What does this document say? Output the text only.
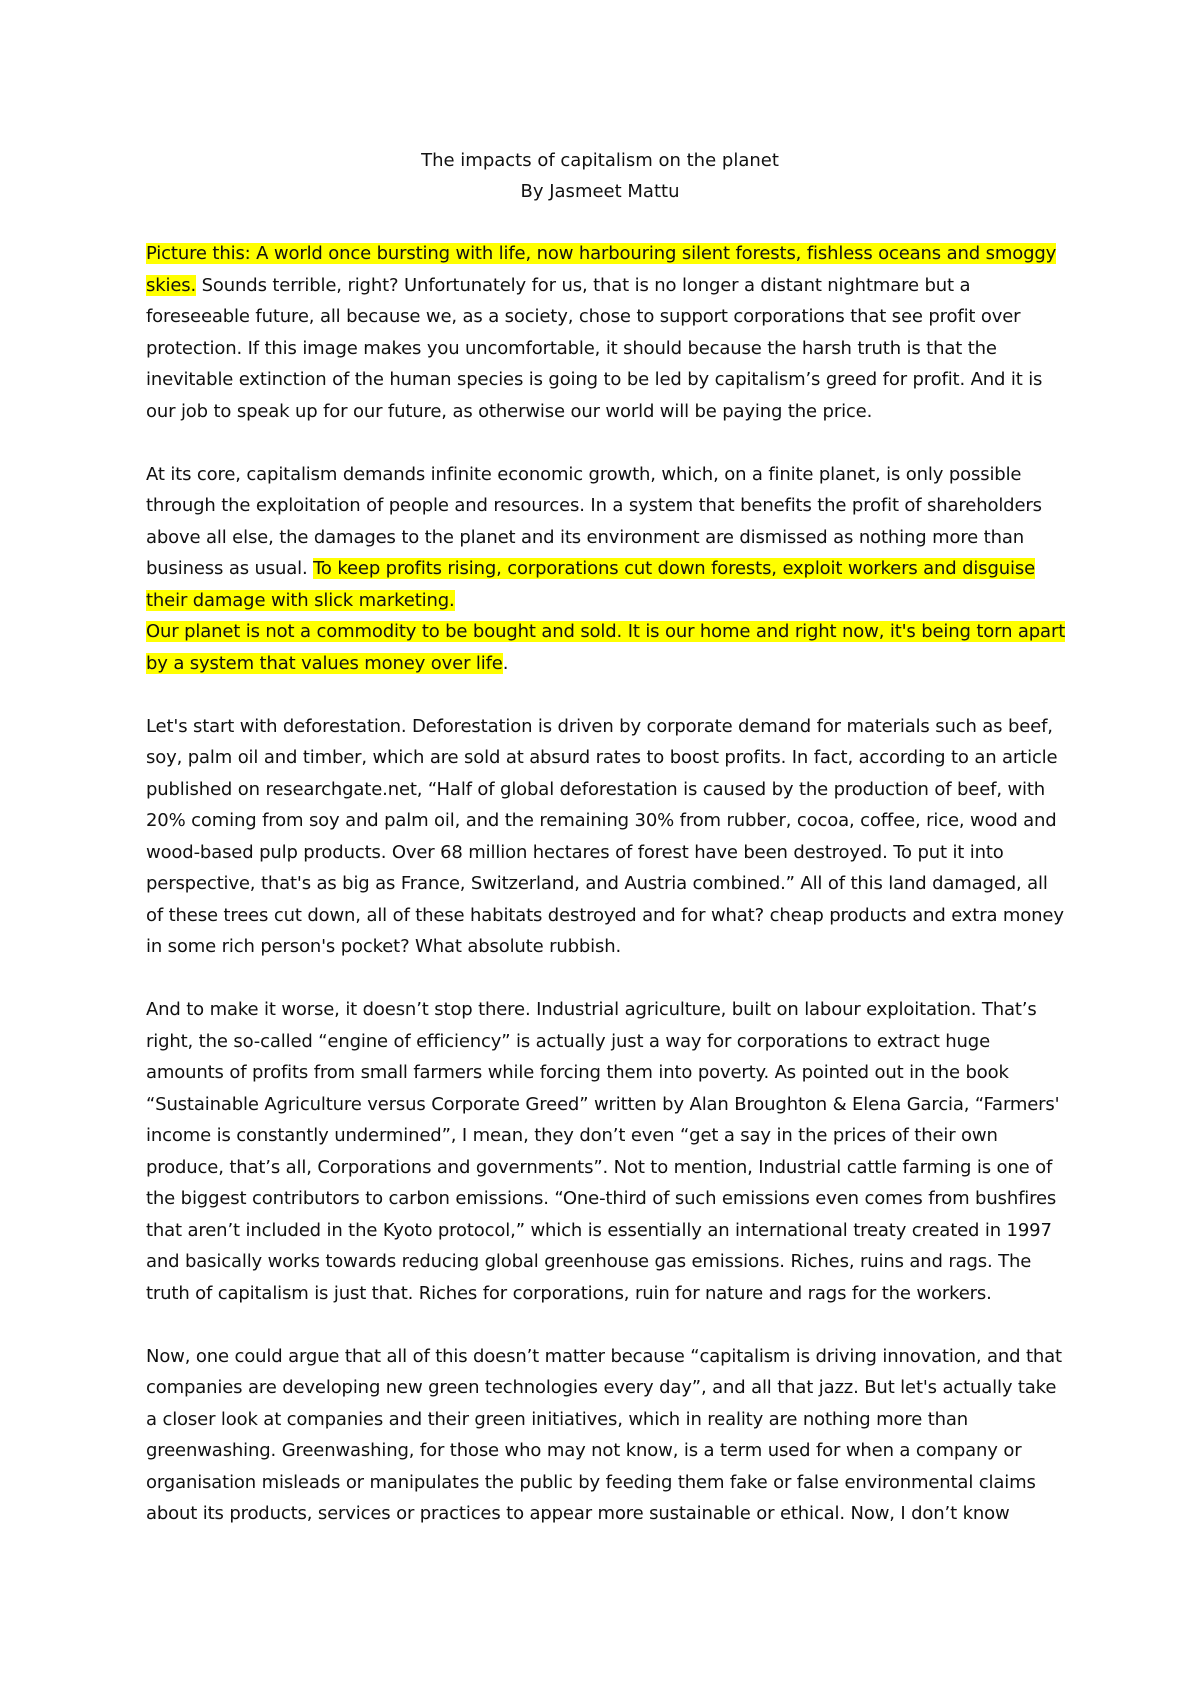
The impacts of capitalism on the planet
By Jasmeet Mattu

Picture this: A world once bursting with life, now harbouring silent forests, fishless oceans and smoggy skies. Sounds terrible, right? Unfortunately for us, that is no longer a distant nightmare but a foreseeable future, all because we, as a society, chose to support corporations that see profit over protection. If this image makes you uncomfortable, it should because the harsh truth is that the inevitable extinction of the human species is going to be led by capitalism’s greed for profit. And it is our job to speak up for our future, as otherwise our world will be paying the price.

At its core, capitalism demands infinite economic growth, which, on a finite planet, is only possible through the exploitation of people and resources. In a system that benefits the profit of shareholders above all else, the damages to the planet and its environment are dismissed as nothing more than business as usual. To keep profits rising, corporations cut down forests, exploit workers and disguise their damage with slick marketing.

Our planet is not a commodity to be bought and sold. It is our home and right now, it's being torn apart by a system that values money over life.

Let's start with deforestation. Deforestation is driven by corporate demand for materials such as beef, soy, palm oil and timber, which are sold at absurd rates to boost profits. In fact, according to an article published on researchgate.net, “Half of global deforestation is caused by the production of beef, with 20% coming from soy and palm oil, and the remaining 30% from rubber, cocoa, coffee, rice, wood and wood-based pulp products. Over 68 million hectares of forest have been destroyed. To put it into perspective, that's as big as France, Switzerland, and Austria combined.” All of this land damaged, all of these trees cut down, all of these habitats destroyed and for what? cheap products and extra money in some rich person's pocket? What absolute rubbish.

And to make it worse, it doesn’t stop there. Industrial agriculture, built on labour exploitation. That’s right, the so-called “engine of efficiency” is actually just a way for corporations to extract huge amounts of profits from small farmers while forcing them into poverty. As pointed out in the book “Sustainable Agriculture versus Corporate Greed” written by Alan Broughton & Elena Garcia, “Farmers' income is constantly undermined”, I mean, they don’t even “get a say in the prices of their own produce, that’s all, Corporations and governments”. Not to mention, Industrial cattle farming is one of the biggest contributors to carbon emissions. “One-third of such emissions even comes from bushfires that aren’t included in the Kyoto protocol,” which is essentially an international treaty created in 1997 and basically works towards reducing global greenhouse gas emissions. Riches, ruins and rags. The truth of capitalism is just that. Riches for corporations, ruin for nature and rags for the workers.

Now, one could argue that all of this doesn’t matter because “capitalism is driving innovation, and that companies are developing new green technologies every day”, and all that jazz. But let's actually take a closer look at companies and their green initiatives, which in reality are nothing more than greenwashing. Greenwashing, for those who may not know, is a term used for when a company or organisation misleads or manipulates the public by feeding them fake or false environmental claims about its products, services or practices to appear more sustainable or ethical. Now, I don’t know
